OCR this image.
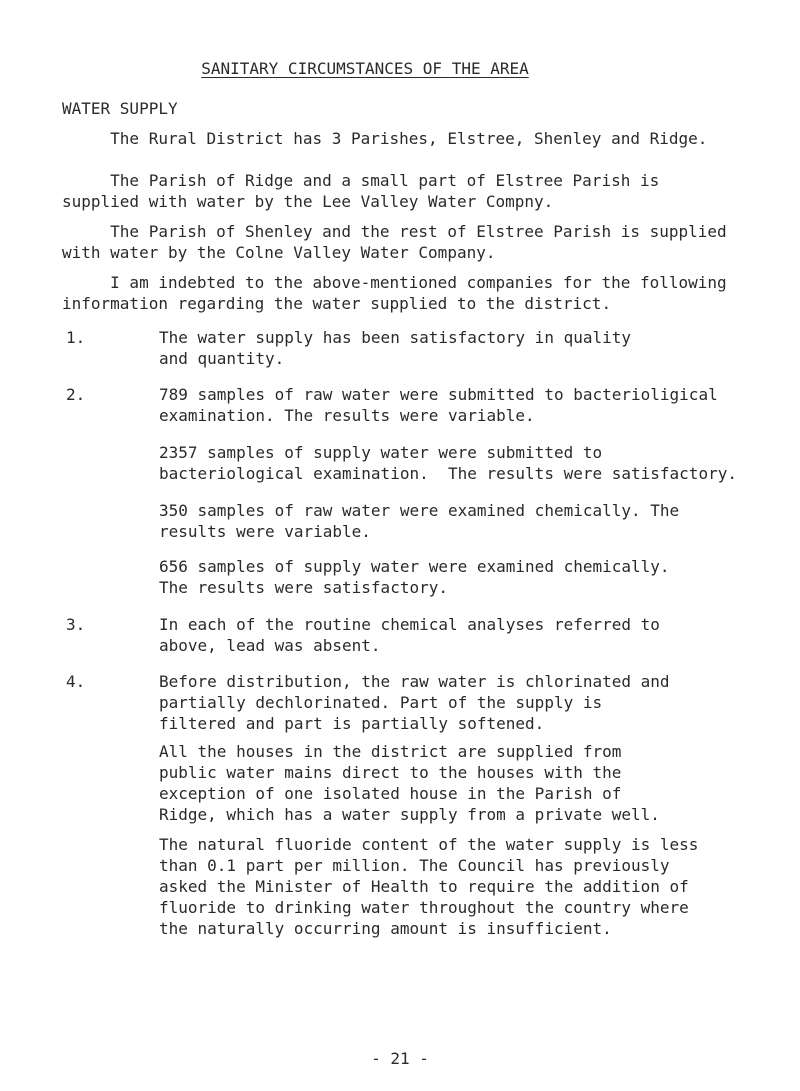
SANITARY CIRCUMSTANCES OF THE AREA
WATER SUPPLY
The Rural District has 3 Parishes, Elstree, Shenley and Ridge.
The Parish of Ridge and a small part of Elstree Parish is
supplied with water by the Lee Valley Water Compny.
The Parish of Shenley and the rest of Elstree Parish is supplied
with water by the Colne Valley Water Company.
I am indebted to the above-mentioned companies for the following
information regarding the water supplied to the district.
1.	The water supply has been satisfactory in quality
and quantity.
2.	789 samples of raw water were submitted to bacterioligical
examination. The results were variable.
2357 samples of supply water were submitted to
bacteriological examination.  The results were satisfactory.
350 samples of raw water were examined chemically. The
results were variable.
656 samples of supply water were examined chemically.
The results were satisfactory.
3.	In each of the routine chemical analyses referred to
above, lead was absent.
4.	Before distribution, the raw water is chlorinated and
partially dechlorinated. Part of the supply is
filtered and part is partially softened.
All the houses in the district are supplied from
public water mains direct to the houses with the
exception of one isolated house in the Parish of
Ridge, which has a water supply from a private well.
The natural fluoride content of the water supply is less
than 0.1 part per million. The Council has previously
asked the Minister of Health to require the addition of
fluoride to drinking water throughout the country where
the naturally occurring amount is insufficient.
- 21 -
